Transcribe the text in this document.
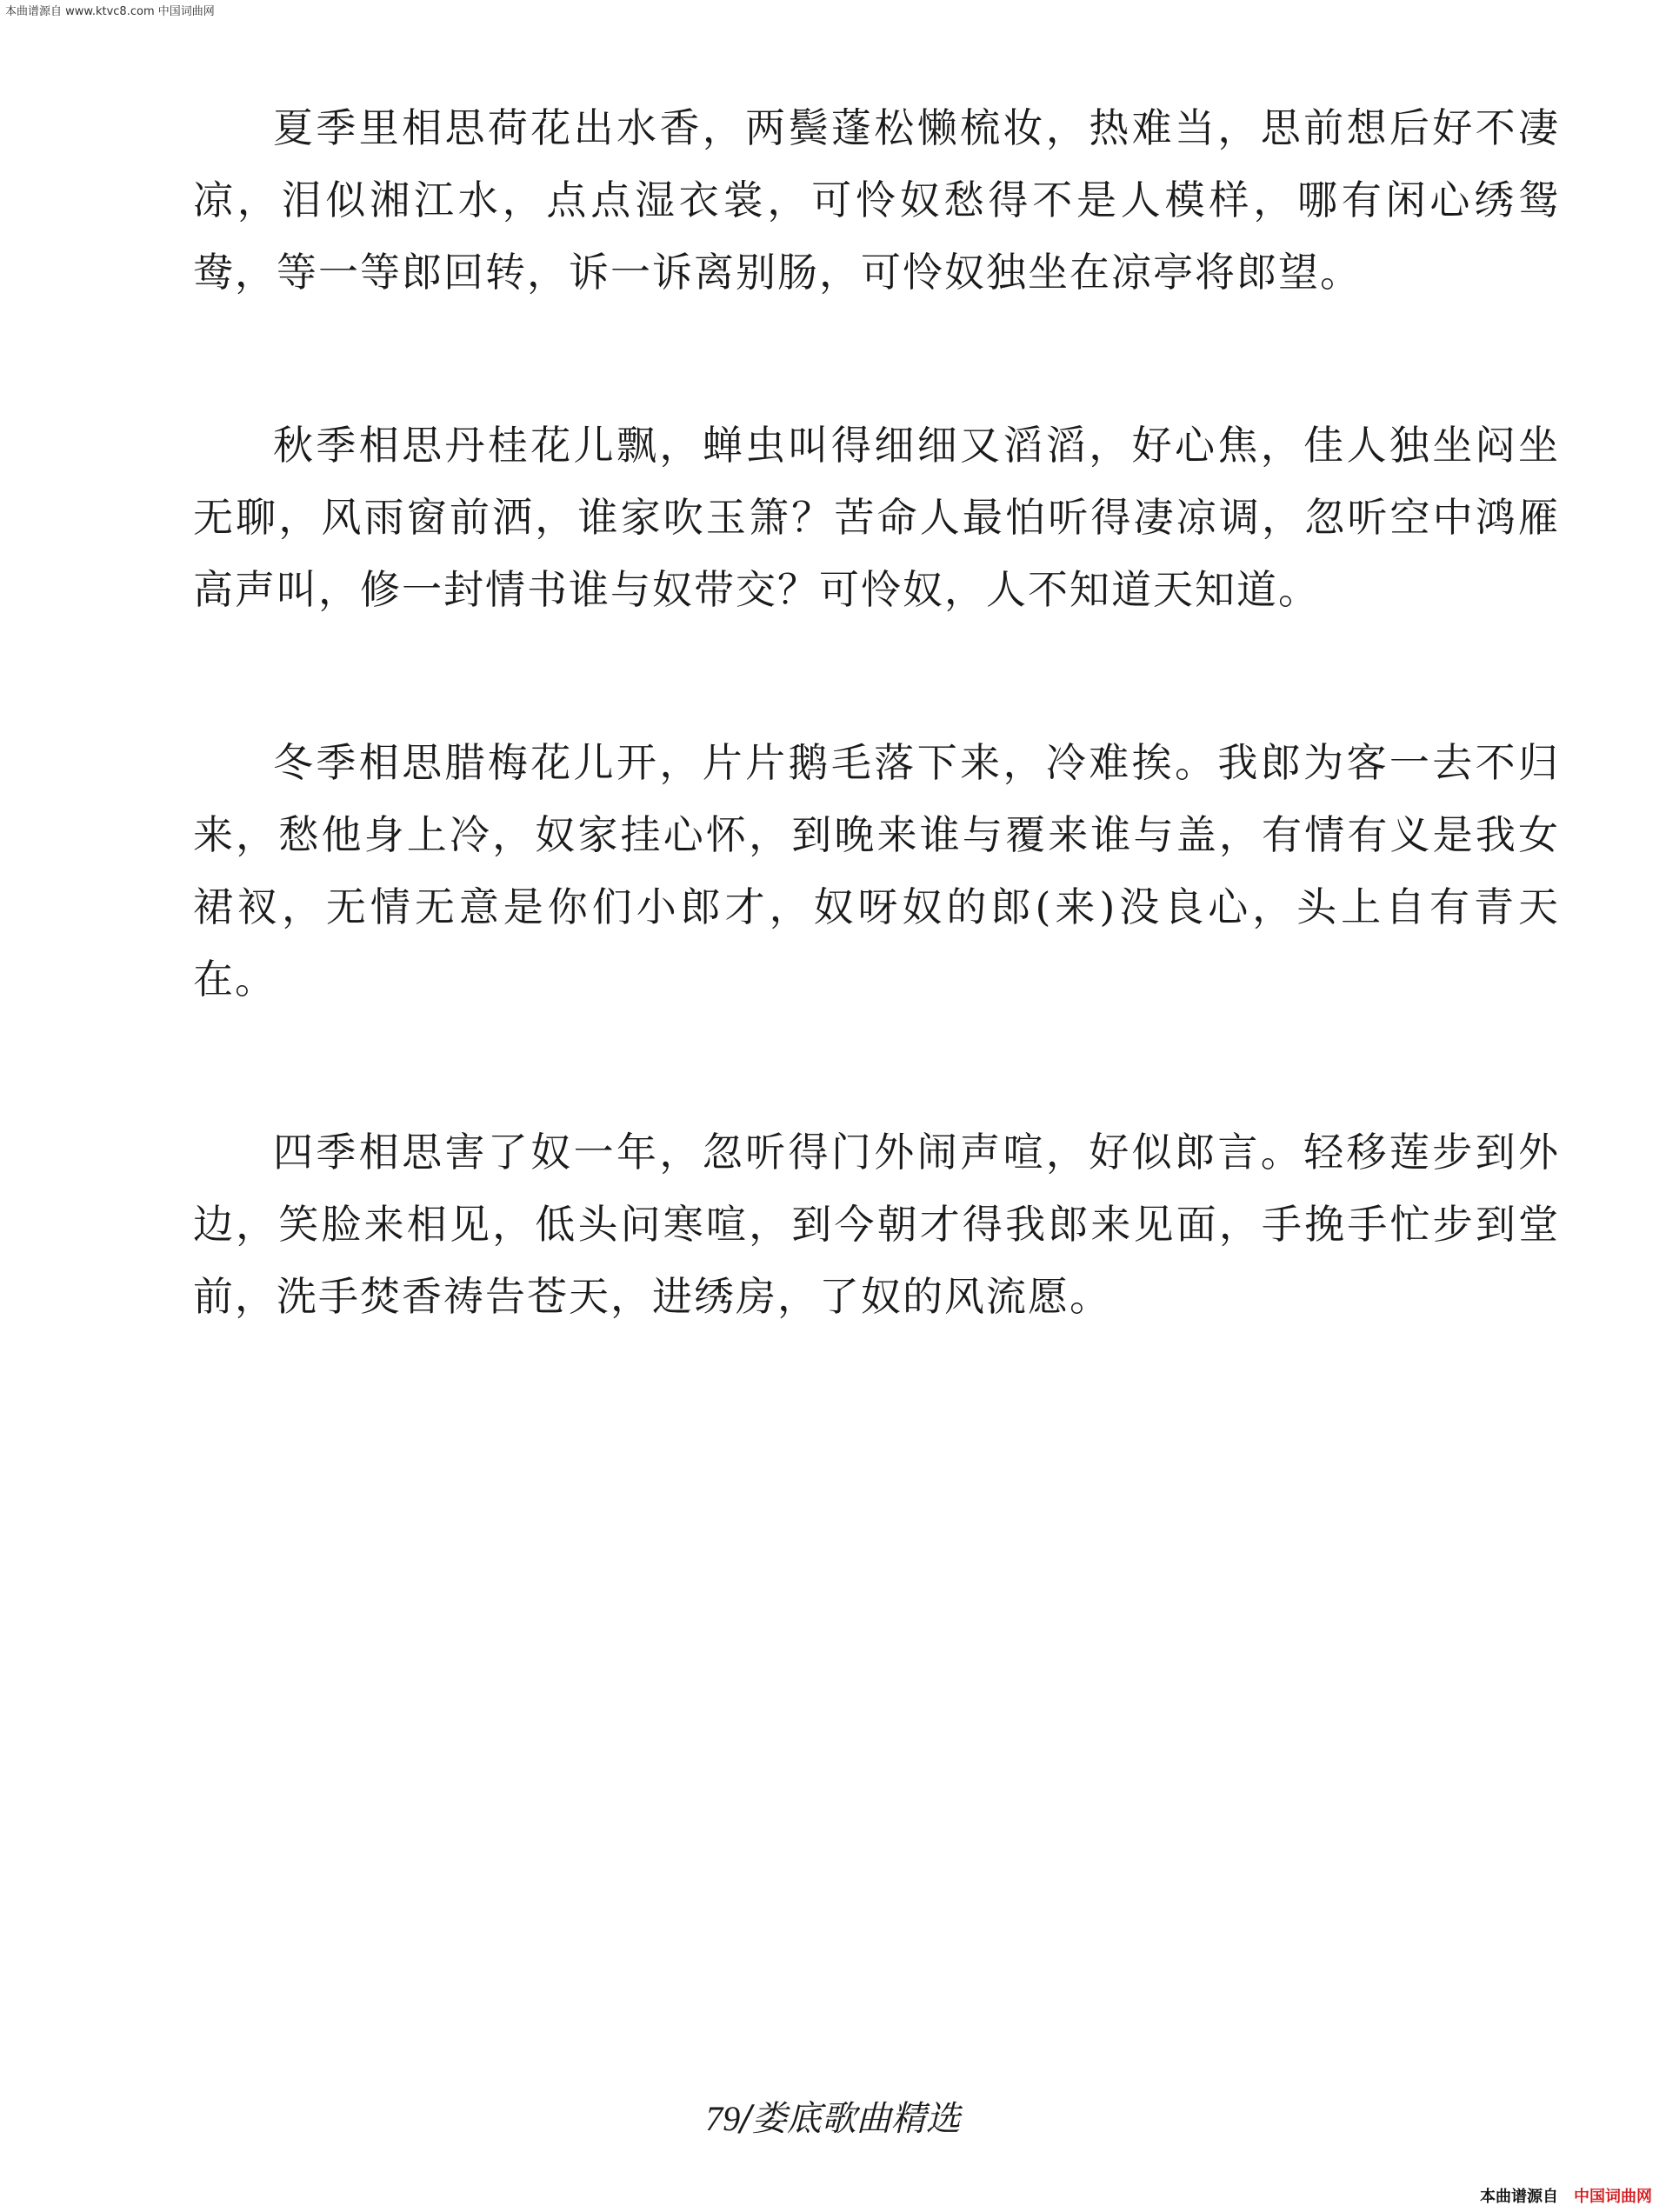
本曲谱源自 www.ktvc8.com 中国词曲网

夏季里相思荷花出水香，两鬓蓬松懒梳妆，热难当，思前想后好不凄凉，泪似湘江水，点点湿衣裳，可怜奴愁得不是人模样，哪有闲心绣鸳鸯，等一等郎回转，诉一诉离别肠，可怜奴独坐在凉亭将郎望。

秋季相思丹桂花儿飘，蝉虫叫得细细又滔滔，好心焦，佳人独坐闷坐无聊，风雨窗前洒，谁家吹玉箫？苦命人最怕听得凄凉调，忽听空中鸿雁高声叫，修一封情书谁与奴带交？可怜奴，人不知道天知道。

冬季相思腊梅花儿开，片片鹅毛落下来，冷难挨。我郎为客一去不归来，愁他身上冷，奴家挂心怀，到晚来谁与覆来谁与盖，有情有义是我女裙衩，无情无意是你们小郎才，奴呀奴的郎(来)没良心，头上自有青天在。

四季相思害了奴一年，忽听得门外闹声喧，好似郎言。轻移莲步到外边，笑脸来相见，低头问寒喧，到今朝才得我郎来见面，手挽手忙步到堂前，洗手焚香祷告苍天，进绣房，了奴的风流愿。

79/娄底歌曲精选
本曲谱源自 中国词曲网
